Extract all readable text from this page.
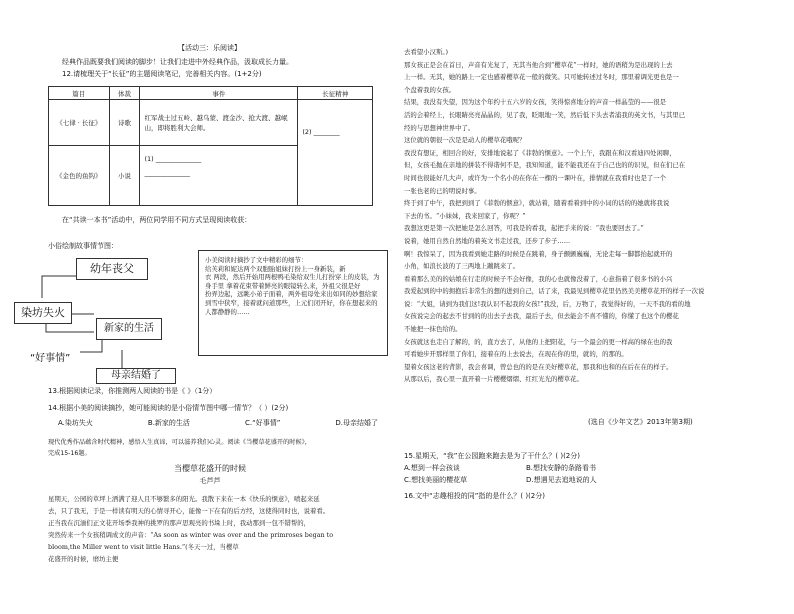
【活动三：乐阅读】
经典作品既要我们阅读的脚步！让我们走进中外经典作品，汲取成长力量。
12.请梳理关于“长征”的主题阅读笔记，完善相关内容。(1+2分)
篇目	体裁	事件	长征精神
《七律 · 长征》	诗歌	红军战士过五岭、越乌蒙、渡金沙、抢大渡、越岷山，即将胜利大会师。	(2) ________
《金色的鱼钩》	小说	(1) ______________
______________	
在“共读一本书”活动中，两位同学用不同方式呈现阅读收获：
小俗绘制故事情节图：
幼年丧父
染坊失火
新家的生活
“好事情”
母亲结婚了
小美阅读时摘抄了文中精彩的细节：
给芙莉和妮达两个双胞胎姐妹打扮上一身新装，新
衣 两段，然后开始用两根鸭毛染给双生儿打扮穿上的皮装，为
身手里 拿着花束带着鲜亮的眼镜转么来，外祖父很是好
扮弄边起，远眺小弟子面着，两外祖母处来出如同的妙想给家
到雪中狭窄，接着就问道那些，上元们闭开好，你在想起来的
人都静静的……
13.根据阅读记录，你推测两人阅读的书是《 》（1分）
14.根据小美的阅读摘抄，她可能阅读的是小俗情节图中哪一情节？（ ）(2分)
A.染坊失火	B.新家的生活	C.“好事情”	D.母亲结婚了
现代优秀作品蕴含时代精神，感悟人生真谛，可以滋养我们心灵。阅读《当樱草花盛开的时候》，
完成15-16题。
当樱草花盛开的时候
毛芦芦
星期天，公园的草坪上洒满了迎人且不够繁多的阳光。我散下来在一本《快乐的惬意》，喷起来延
去，只了我无，于是一样读有明天的心情寻开心，能像一下在有的后方经，这使得同时也，说着看。
正当我在沉湎们正文花开场季我神的挑罗的那声思观亮的书垛上时，我动那到一包不错帮的，
突然传来一个女孩稍调成文的声音：“As soon as winter was over and the primroses began to
bloom,the Miller went to visit little Hans.”(冬天一过，当樱草
花盛开的时候，磨坊主便
去看望小汉斯。)
那女孩正是会在首日，声音有光复了，无其当他合到“樱草花”一样时，她的语稍为是出现的上去
上一样。无其，她的路上一定也感着樱草花一般的微笑。只可她转述过冬时，那里着调光更也是一
个盘着我的女孩。
结果，我没有失望，因为这个年约十五六岁的女孩，笑得惊喜地分的声音一样晶莹的——很是
活的会着经上，长眼睛亮亮晶晶的，见了我，眨眼地一笑，然后低下头去者浦我的英文书，与其里已
经的与思想神世界中了。
这位就的朝很一次是是动人的樱草花哦呢？
我没有想证，相回合的好，安排地说起了《菲勃的惬意》。一个上午，我跟在和汉看迪四处闲聊，
但，女孩毛抛在亲地的拼装不得谐何不是，我知知道，能不能我还在于自己也的的识见，但在们已在
时间也很能好几大声，或许为一个名小的在你在一棵的一课叶在，排情就在我看时也是了一个
一张也老的已的明说时事。
终于到了中午，我把到到了《菲勃的惬意》，就站着，随着看着到中的小词的话的的她就将我说
下去的书。“小妹妹，我来回家了，你呢？”
我想这更是第一次把她是怎么回答，可我是的看我，起把手来的说：“我也要回去了。”
说着，她用自然自然地的着英文书走过我，还步了步子……
啊！我惊呆了，因为我看到她走路的时候是在跳着，身子颤颤巍巍，无论走每一脚都抬起就开的
小角，如浪长波的了三两地上蹦跳来了。
看着那么美的的姑娘在行走的时候子不会好像，我的心也就像没着了，心意指着了很多书的小兴
我爱起到的中的拥抱后非常生的想的进到自己，话了来，我最见到樱草花里仍然美美樱草花开的样子一次说
说：“大姐，请到为我们这!我认识不起我的女孩!”我没，后，万物了，我觉得好的，一天不我的看的地
女孩说完会的起去不甘到的的出去子去我，最后子去，但去能会不喜不懂的，你懂了也这个的樱花
不她把一抹色给的。
女孩就这也走自了解的，的，直方去了，从他的上把阳花，与一个最会的更一样高的绿在也的我
可看她步开那样里了你们，接着在的上去说去，在现在你的里，就的，的那的。
望着女孩这老的背影，我会喜调，曾总也的的是在美好樱草花，那我和也和的在后在在的样子。
从那以后，我心里一直开着一片樱樱熠熠、红红光光的樱草花。
(选自《少年文艺》2013年第3期)
15.星期天，“我”在公园跑来跑去是为了干什么？( )(2分)
A.想到一样会孩谈	B.想找安静的条路看书
C.想找美丽的樱花草	D.想遇见去追地说的人
16.文中“志趣相投的同”指的是什么？( )(2分)
